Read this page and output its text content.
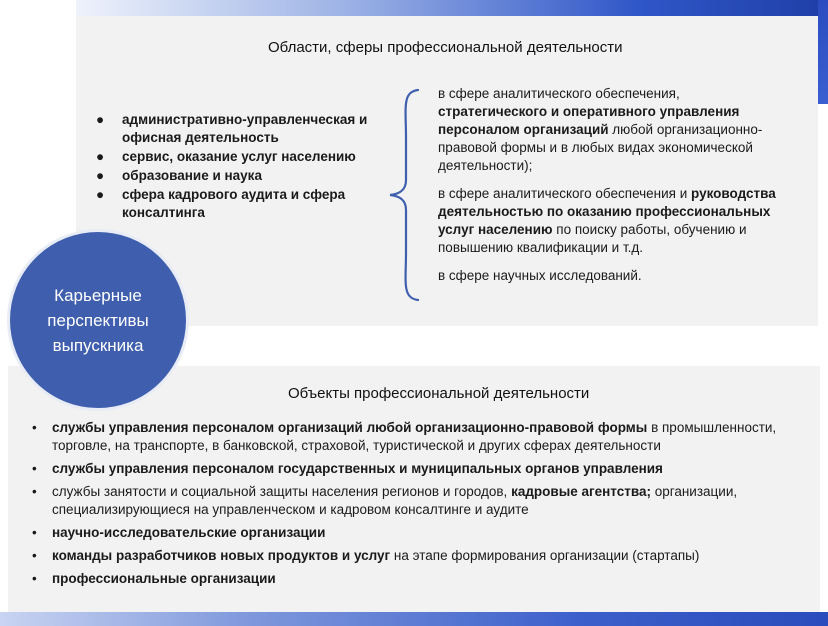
Области, сферы профессиональной деятельности
● административно-управленческая и офисная деятельность
● сервис, оказание услуг населению
● образование и наука
● сфера кадрового аудита и сфера консалтинга

в сфере аналитического обеспечения, стратегического и оперативного управления персоналом организаций любой организационно-правовой формы и в любых видах экономической деятельности);

в сфере аналитического обеспечения и руководства деятельностью по оказанию профессиональных услуг населению по поиску работы, обучению и повышению квалификации и т.д.

в сфере научных исследований.

Объекты профессиональной деятельности
• службы управления персоналом организаций любой организационно-правовой формы в промышленности, торговле, на транспорте, в банковской, страховой, туристической и других сферах деятельности
• службы управления персоналом государственных и муниципальных органов управления
• службы занятости и социальной защиты населения регионов и городов, кадровые агентства; организации, специализирующиеся на управленческом и кадровом консалтинге и аудите
• научно-исследовательские организации
• команды разработчиков новых продуктов и услуг на этапе формирования организации (стартапы)
• профессиональные организации
Карьерные
перспективы
выпускника
